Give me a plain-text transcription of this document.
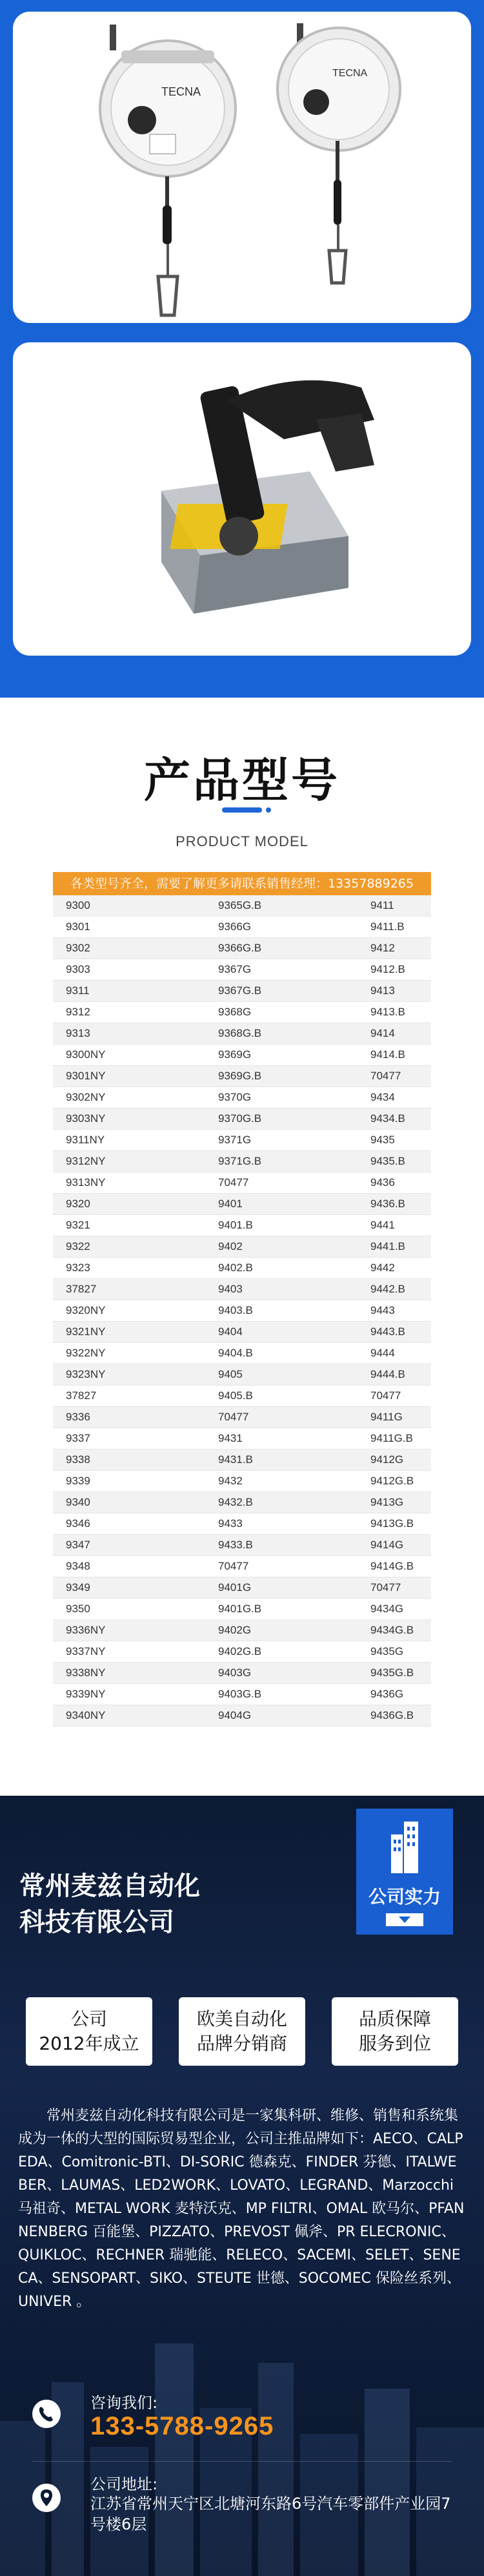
TECNA
TECNA
产品型号
PRODUCT MODEL
各类型号齐全，需要了解更多请联系销售经理：13357889265
9300	9365G.B	9411
9301	9366G	9411.B
9302	9366G.B	9412
9303	9367G	9412.B
9311	9367G.B	9413
9312	9368G	9413.B
9313	9368G.B	9414
9300NY	9369G	9414.B
9301NY	9369G.B	70477
9302NY	9370G	9434
9303NY	9370G.B	9434.B
9311NY	9371G	9435
9312NY	9371G.B	9435.B
9313NY	70477	9436
9320	9401	9436.B
9321	9401.B	9441
9322	9402	9441.B
9323	9402.B	9442
37827	9403	9442.B
9320NY	9403.B	9443
9321NY	9404	9443.B
9322NY	9404.B	9444
9323NY	9405	9444.B
37827	9405.B	70477
9336	70477	9411G
9337	9431	9411G.B
9338	9431.B	9412G
9339	9432	9412G.B
9340	9432.B	9413G
9346	9433	9413G.B
9347	9433.B	9414G
9348	70477	9414G.B
9349	9401G	70477
9350	9401G.B	9434G
9336NY	9402G	9434G.B
9337NY	9402G.B	9435G
9338NY	9403G	9435G.B
9339NY	9403G.B	9436G
9340NY	9404G	9436G.B
常州麦兹自动化
科技有限公司
公司实力
公司
2012年成立
欧美自动化
品牌分销商
品质保障
服务到位
常州麦兹自动化科技有限公司是一家集科研、维修、销售和系统集成为一体的大型的国际贸易型企业，公司主推品牌如下：AECO、CALPEDA、Comitronic-BTI、DI-SORIC 德森克、FINDER 芬德、ITALWEBER、LAUMAS、LED2WORK、LOVATO、LEGRAND、Marzocchi 马祖奇、METAL WORK 麦特沃克、MP FILTRI、OMAL 欧马尔、PFANNENBERG 百能堡、PIZZATO、PREVOST 佩斧、PR ELECRONIC、QUIKLOC、RECHNER 瑞驰能、RELECO、SACEMI、SELET、SENECA、SENSOPART、SIKO、STEUTE 世德、SOCOMEC 保险丝系列、UNIVER 。
咨询我们:
133-5788-9265
公司地址:
江苏省常州天宁区北塘河东路6号汽车零部件产业园7号楼6层
